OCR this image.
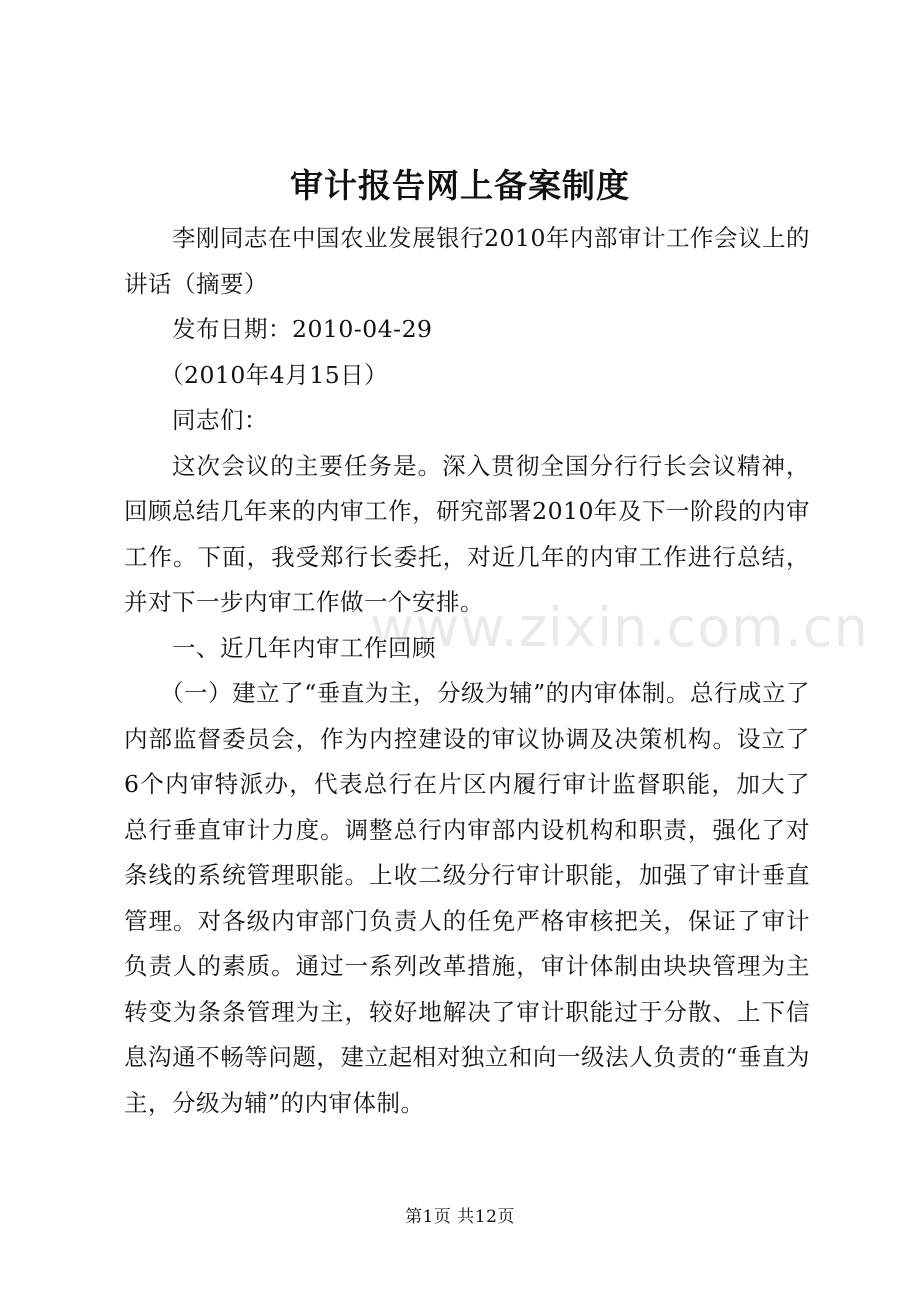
审计报告网上备案制度

李刚同志在中国农业发展银行2010年内部审计工作会议上的讲话（摘要）

发布日期：2010-04-29

（2010年4月15日）

同志们：

这次会议的主要任务是。深入贯彻全国分行行长会议精神，回顾总结几年来的内审工作，研究部署2010年及下一阶段的内审工作。下面，我受郑行长委托，对近几年的内审工作进行总结，并对下一步内审工作做一个安排。

一、近几年内审工作回顾

（一）建立了“垂直为主，分级为辅”的内审体制。总行成立了内部监督委员会，作为内控建设的审议协调及决策机构。设立了6个内审特派办，代表总行在片区内履行审计监督职能，加大了总行垂直审计力度。调整总行内审部内设机构和职责，强化了对条线的系统管理职能。上收二级分行审计职能，加强了审计垂直管理。对各级内审部门负责人的任免严格审核把关，保证了审计负责人的素质。通过一系列改革措施，审计体制由块块管理为主转变为条条管理为主，较好地解决了审计职能过于分散、上下信息沟通不畅等问题，建立起相对独立和向一级法人负责的“垂直为主，分级为辅”的内审体制。

www.zixin.com.cn
第1页 共12页
